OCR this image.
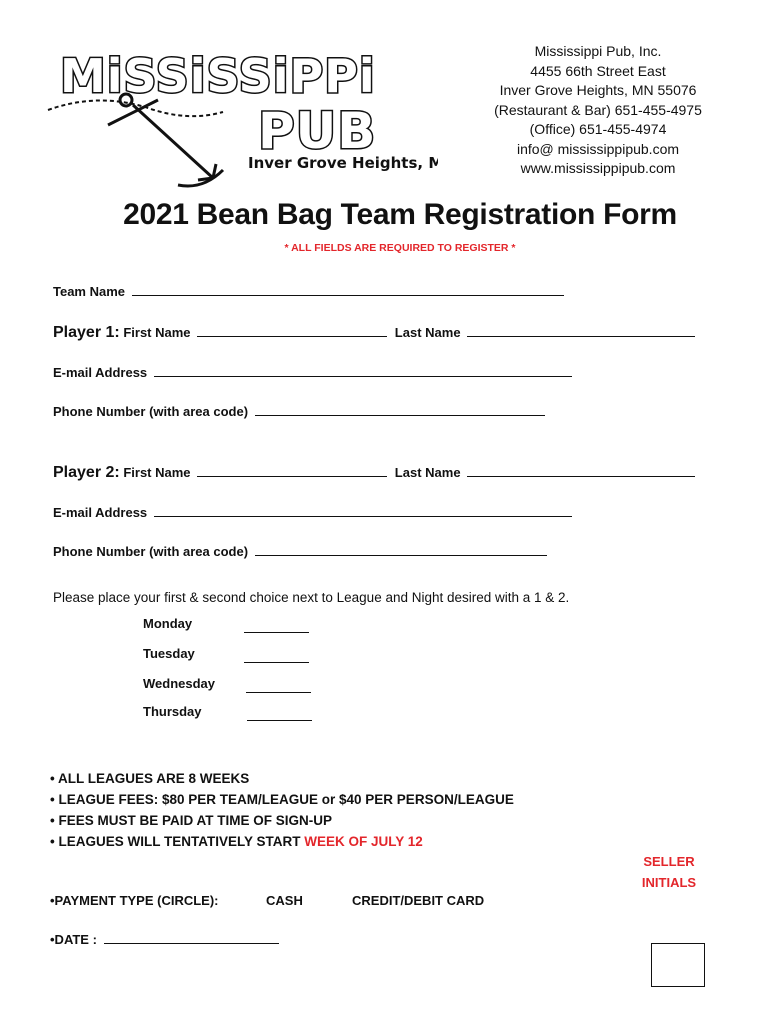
MiSSiSSiPPi
PUB
Inver Grove Heights, MN
Mississippi Pub, Inc.
4455 66th Street East
Inver Grove Heights, MN 55076
(Restaurant & Bar) 651-455-4975
(Office) 651-455-4974
info@ mississippipub.com
www.mississippipub.com
2021 Bean Bag Team Registration Form
* ALL FIELDS ARE REQUIRED TO REGISTER *
Team Name
Player 1: First Name	Last Name
E-mail Address
Phone Number (with area code)
Player 2: First Name	Last Name
E-mail Address
Phone Number (with area code)
Please place your first & second choice next to League and Night desired with a 1 & 2.
Monday
Tuesday
Wednesday
Thursday
• ALL LEAGUES ARE 8 WEEKS
• LEAGUE FEES: $80 PER TEAM/LEAGUE or $40 PER PERSON/LEAGUE
• FEES MUST BE PAID AT TIME OF SIGN-UP
• LEAGUES WILL TENTATIVELY START WEEK OF JULY 12
SELLER
INITIALS
•PAYMENT TYPE (CIRCLE):	CASH	CREDIT/DEBIT CARD
•DATE :
